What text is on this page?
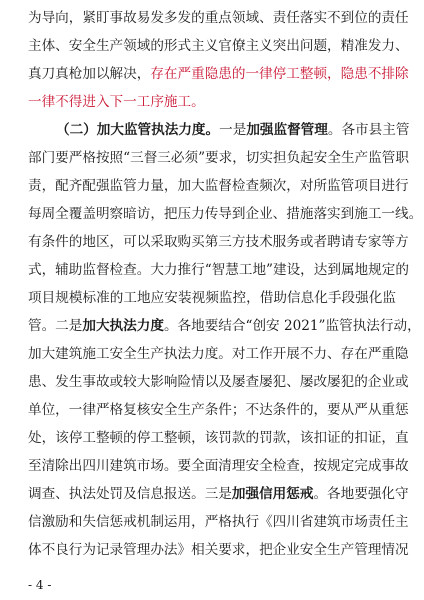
为导向，紧盯事故易发多发的重点领域、责任落实不到位的责任
主体、安全生产领域的形式主义官僚主义突出问题，精准发力、
真刀真枪加以解决，存在严重隐患的一律停工整顿，隐患不排除
一律不得进入下一工序施工。
（二）加大监管执法力度。一是加强监督管理。各市县主管
部门要严格按照“三督三必须”要求，切实担负起安全生产监管职
责，配齐配强监管力量，加大监督检查频次，对所监管项目进行
每周全覆盖明察暗访，把压力传导到企业、措施落实到施工一线。
有条件的地区，可以采取购买第三方技术服务或者聘请专家等方
式，辅助监督检查。大力推行“智慧工地”建设，达到属地规定的
项目规模标准的工地应安装视频监控，借助信息化手段强化监
管。二是加大执法力度。各地要结合“创安 2021”监管执法行动，
加大建筑施工安全生产执法力度。对工作开展不力、存在严重隐
患、发生事故或较大影响险情以及屡查屡犯、屡改屡犯的企业或
单位，一律严格复核安全生产条件；不达条件的，要从严从重惩
处，该停工整顿的停工整顿，该罚款的罚款，该扣证的扣证，直
至清除出四川建筑市场。要全面清理安全检查，按规定完成事故
调查、执法处罚及信息报送。三是加强信用惩戒。各地要强化守
信激励和失信惩戒机制运用，严格执行《四川省建筑市场责任主
体不良行为记录管理办法》相关要求，把企业安全生产管理情况
- 4 -
